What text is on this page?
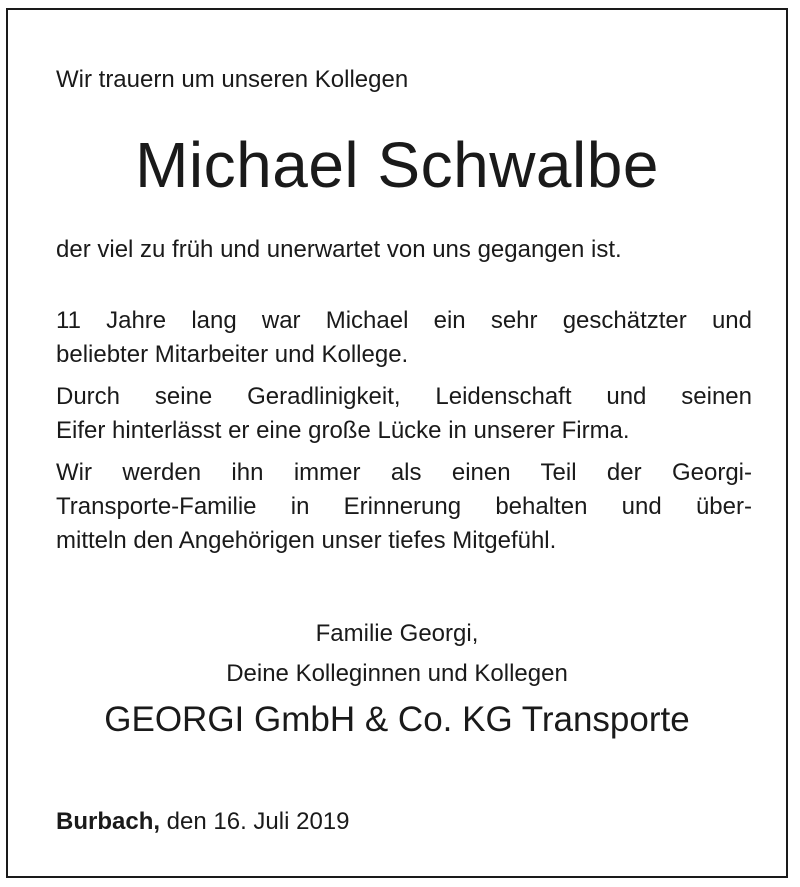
Wir trauern um unseren Kollegen

Michael Schwalbe

der viel zu früh und unerwartet von uns gegangen ist.

11 Jahre lang war Michael ein sehr geschätzter und
beliebter Mitarbeiter und Kollege.

Durch seine Geradlinigkeit, Leidenschaft und seinen
Eifer hinterlässt er eine große Lücke in unserer Firma.

Wir werden ihn immer als einen Teil der Georgi-
Transporte-Familie in Erinnerung behalten und über-
mitteln den Angehörigen unser tiefes Mitgefühl.

Familie Georgi,

Deine Kolleginnen und Kollegen

GEORGI GmbH & Co. KG Transporte

Burbach, den 16. Juli 2019
